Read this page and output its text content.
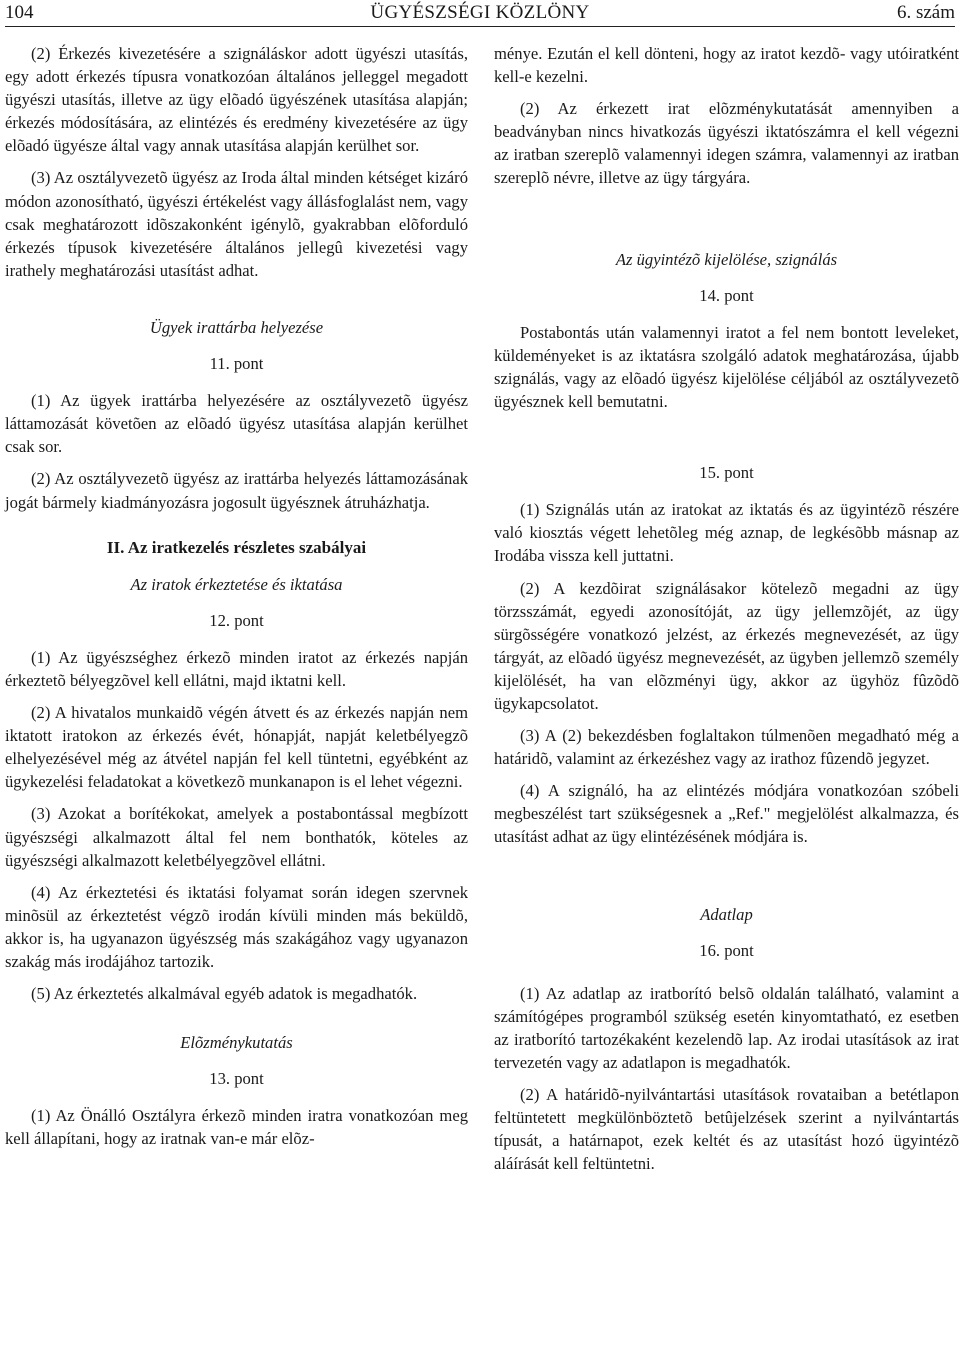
104	ÜGYÉSZSÉGI KÖZLÖNY	6. szám

(2) Érkezés kivezetésére a szignáláskor adott ügyészi utasítás, egy adott érkezés típusra vonatkozóan általános jelleggel megadott ügyészi utasítás, illetve az ügy elõadó ügyészének utasítása alapján; érkezés módosítására, az elintézés és eredmény kivezetésére az ügy elõadó ügyésze által vagy annak utasítása alapján kerülhet sor.

(3) Az osztályvezetõ ügyész az Iroda által minden kétséget kizáró módon azonosítható, ügyészi értékelést vagy állásfoglalást nem, vagy csak meghatározott idõszakonként igénylõ, gyakrabban elõforduló érkezés típusok kivezetésére általános jellegû kivezetési vagy irathely meghatározási utasítást adhat.

Ügyek irattárba helyezése
11. pont

(1) Az ügyek irattárba helyezésére az osztályvezetõ ügyész láttamozását követõen az elõadó ügyész utasítása alapján kerülhet csak sor.

(2) Az osztályvezetõ ügyész az irattárba helyezés láttamozásának jogát bármely kiadmányozásra jogosult ügyésznek átruházhatja.

II. Az iratkezelés részletes szabályai
Az iratok érkeztetése és iktatása
12. pont

(1) Az ügyészséghez érkezõ minden iratot az érkezés napján érkeztetõ bélyegzõvel kell ellátni, majd iktatni kell.

(2) A hivatalos munkaidõ végén átvett és az érkezés napján nem iktatott iratokon az érkezés évét, hónapját, napját keletbélyegzõ elhelyezésével még az átvétel napján fel kell tüntetni, egyébként az ügykezelési feladatokat a következõ munkanapon is el lehet végezni.

(3) Azokat a borítékokat, amelyek a postabontással megbízott ügyészségi alkalmazott által fel nem bonthatók, köteles az ügyészségi alkalmazott keletbélyegzõvel ellátni.

(4) Az érkeztetési és iktatási folyamat során idegen szervnek minõsül az érkeztetést végzõ irodán kívüli minden más beküldõ, akkor is, ha ugyanazon ügyészség más szakágához vagy ugyanazon szakág más irodájához tartozik.

(5) Az érkeztetés alkalmával egyéb adatok is megadhatók.

Elõzménykutatás
13. pont

(1) Az Önálló Osztályra érkezõ minden iratra vonatkozóan meg kell állapítani, hogy az iratnak van-e már elõz-

ménye. Ezután el kell dönteni, hogy az iratot kezdõ- vagy utóiratként kell-e kezelni.

(2) Az érkezett irat elõzménykutatását amennyiben a beadványban nincs hivatkozás ügyészi iktatószámra el kell végezni az iratban szereplõ valamennyi idegen számra, valamennyi az iratban szereplõ névre, illetve az ügy tárgyára.

Az ügyintézõ kijelölése, szignálás
14. pont

Postabontás után valamennyi iratot a fel nem bontott leveleket, küldeményeket is az iktatásra szolgáló adatok meghatározása, újabb szignálás, vagy az elõadó ügyész kijelölése céljából az osztályvezetõ ügyésznek kell bemutatni.

15. pont

(1) Szignálás után az iratokat az iktatás és az ügyintézõ részére való kiosztás végett lehetõleg még aznap, de legkésõbb másnap az Irodába vissza kell juttatni.

(2) A kezdõirat szignálásakor kötelezõ megadni az ügy törzsszámát, egyedi azonosítóját, az ügy jellemzõjét, az ügy sürgõsségére vonatkozó jelzést, az érkezés megnevezését, az ügy tárgyát, az elõadó ügyész megnevezését, az ügyben jellemzõ személy kijelölését, ha van elõzményi ügy, akkor az ügyhöz fûzõdõ ügykapcsolatot.

(3) A (2) bekezdésben foglaltakon túlmenõen megadható még a határidõ, valamint az érkezéshez vagy az irathoz fûzendõ jegyzet.

(4) A szignáló, ha az elintézés módjára vonatkozóan szóbeli megbeszélést tart szükségesnek a „Ref." megjelölést alkalmazza, és utasítást adhat az ügy elintézésének módjára is.

Adatlap
16. pont

(1) Az adatlap az iratborító belsõ oldalán található, valamint a számítógépes programból szükség esetén kinyomtatható, ez esetben az iratborító tartozékaként kezelendõ lap. Az irodai utasítások az irat tervezetén vagy az adatlapon is megadhatók.

(2) A határidõ-nyilvántartási utasítások rovataiban a betétlapon feltüntetett megkülönböztetõ betûjelzések szerint a nyilvántartás típusát, a határnapot, ezek keltét és az utasítást hozó ügyintézõ aláírását kell feltüntetni.
